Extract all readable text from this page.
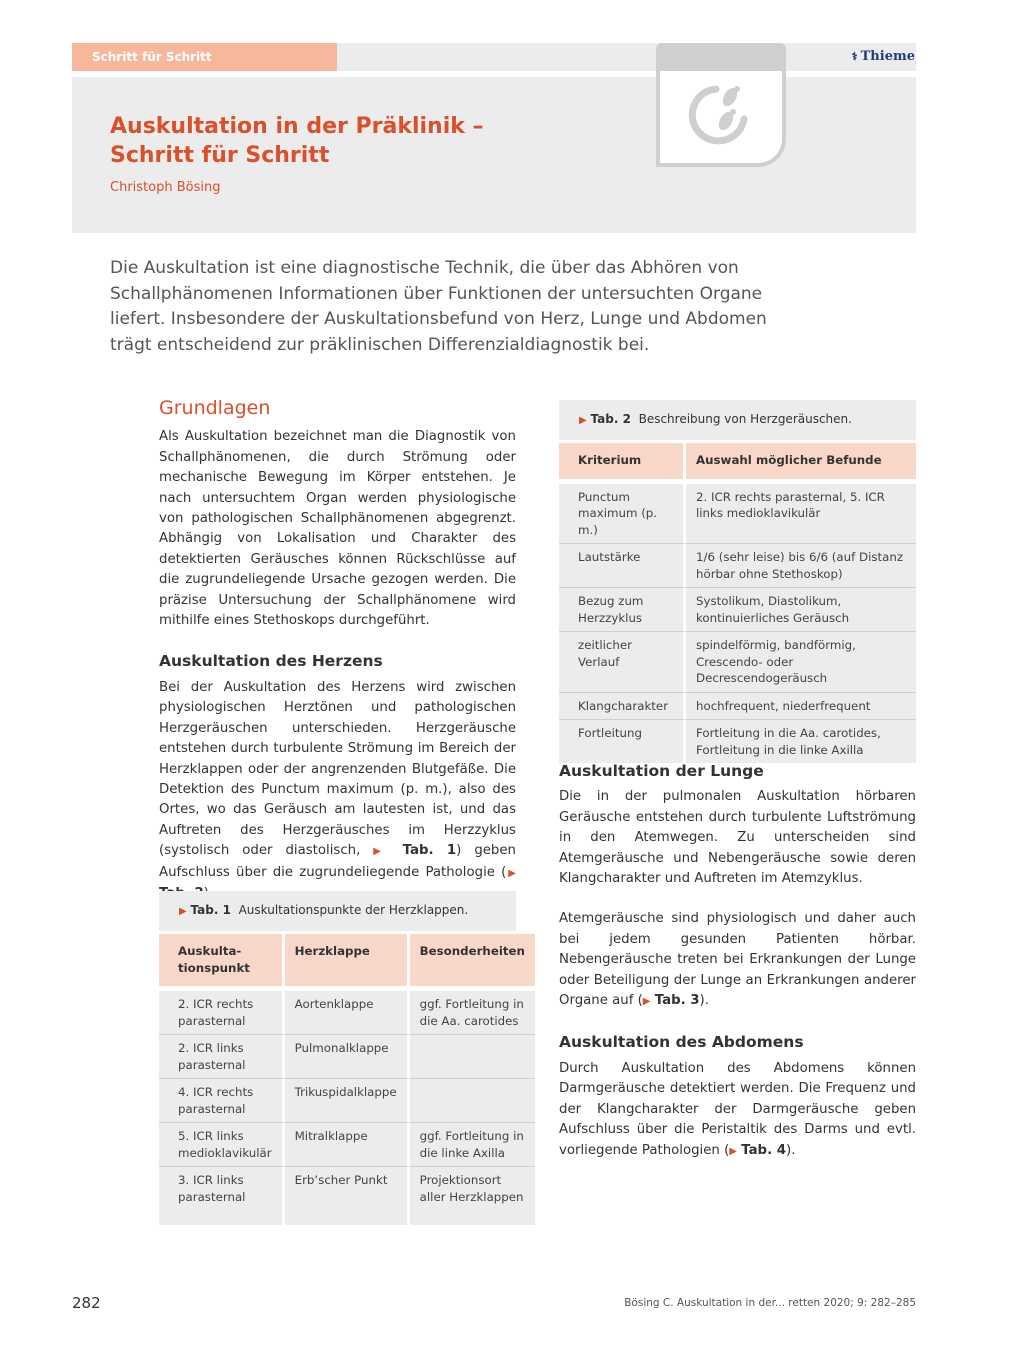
Schritt für Schritt	⚕ Thieme
Auskultation in der Präklinik –
Schritt für Schritt
Christoph Bösing
Die Auskultation ist eine diagnostische Technik, die über das Abhören von Schallphänomenen Informationen über Funktionen der untersuchten Organe liefert. Insbesondere der Auskultationsbefund von Herz, Lunge und Abdomen trägt entscheidend zur präklinischen Differenzialdiagnostik bei.
Grundlagen

Als Auskultation bezeichnet man die Diagnostik von Schallphänomenen, die durch Strömung oder mechanische Bewegung im Körper entstehen. Je nach untersuchtem Organ werden physiologische von pathologischen Schallphänomenen abgegrenzt. Abhängig von Lokalisation und Charakter des detektierten Geräusches können Rückschlüsse auf die zugrundeliegende Ursache gezogen werden. Die präzise Untersuchung der Schallphänomene wird mithilfe eines Stethoskops durchgeführt.

Auskultation des Herzens

Bei der Auskultation des Herzens wird zwischen physiologischen Herztönen und pathologischen Herzgeräuschen unterschieden. Herzgeräusche entstehen durch turbulente Strömung im Bereich der Herzklappen oder der angrenzenden Blutgefäße. Die Detektion des Punctum maximum (p. m.), also des Ortes, wo das Geräusch am lautesten ist, und das Auftreten des Herzgeräusches im Herzzyklus (systolisch oder diastolisch, ▶ Tab. 1) geben Aufschluss über die zugrundeliegende Pathologie (▶

▶ Tab. 1 Auskultationspunkte der Herzklappen.
Auskulta-tionspunkt	Herzklappe	Besonderheiten
2. ICR rechts parasternal	Aortenklappe	ggf. Fortleitung in die Aa. carotides
2. ICR links parasternal	Pulmonalklappe	
4. ICR rechts parasternal	Trikuspidalklappe	
5. ICR links medioklavikulär	Mitralklappe	ggf. Fortleitung in die linke Axilla
3. ICR links parasternal	Erb’scher Punkt	Projektionsort aller Herzklappen
▶ Tab. 2 Beschreibung von Herzgeräuschen.
Kriterium	Auswahl möglicher Befunde
Punctum maximum (p. m.)	2. ICR rechts parasternal, 5. ICR links medioklavikulär
Lautstärke	1/6 (sehr leise) bis 6/6 (auf Distanz hörbar ohne Stethoskop)
Bezug zum Herzzyklus	Systolikum, Diastolikum, kontinuierliches Geräusch
zeitlicher Verlauf	spindelförmig, bandförmig, Crescendo- oder Decrescendogeräusch
Klangcharakter	hochfrequent, niederfrequent
Fortleitung	Fortleitung in die Aa. carotides, Fortleitung in die linke Axilla
Auskultation der Lunge

Die in der pulmonalen Auskultation hörbaren Geräusche entstehen durch turbulente Luftströmung in den Atemwegen. Zu unterscheiden sind Atemgeräusche und Nebengeräusche sowie deren Klangcharakter und Auftreten im Atemzyklus.

Atemgeräusche sind physiologisch und daher auch bei jedem gesunden Patienten hörbar. Nebengeräusche treten bei Erkrankungen der Lunge oder Beteiligung der Lunge an Erkrankungen anderer Organe auf (▶ Tab. 3).

Auskultation des Abdomens

Durch Auskultation des Abdomens können Darmgeräusche detektiert werden. Die Frequenz und der Klangcharakter der Darmgeräusche geben Aufschluss über die Peristaltik des Darms und evtl. vorliegende Pathologien (▶ Tab. 4).

282	Bösing C. Auskultation in der... retten 2020; 9: 282–285
